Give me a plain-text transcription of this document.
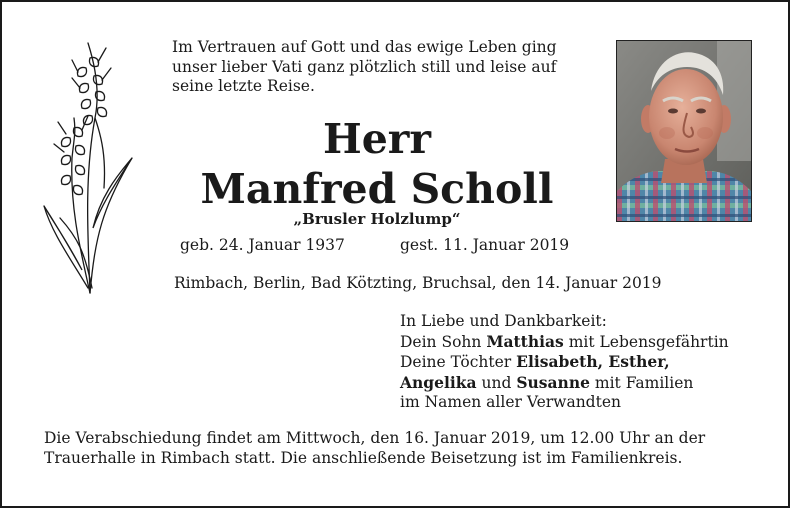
Im Vertrauen auf Gott und das ewige Leben ging
unser lieber Vati ganz plötzlich still und leise auf
seine letzte Reise.
Herr
Manfred Scholl
„Brusler Holzlump“
geb. 24. Januar 1937	gest. 11. Januar 2019
Rimbach, Berlin, Bad Kötzting, Bruchsal, den 14. Januar 2019
In Liebe und Dankbarkeit:
Dein Sohn Matthias mit Lebensgefährtin
Deine Töchter Elisabeth, Esther,
Angelika und Susanne mit Familien
im Namen aller Verwandten
Die Verabschiedung findet am Mittwoch, den 16. Januar 2019, um 12.00 Uhr an der
Trauerhalle in Rimbach statt. Die anschließende Beisetzung ist im Familienkreis.
